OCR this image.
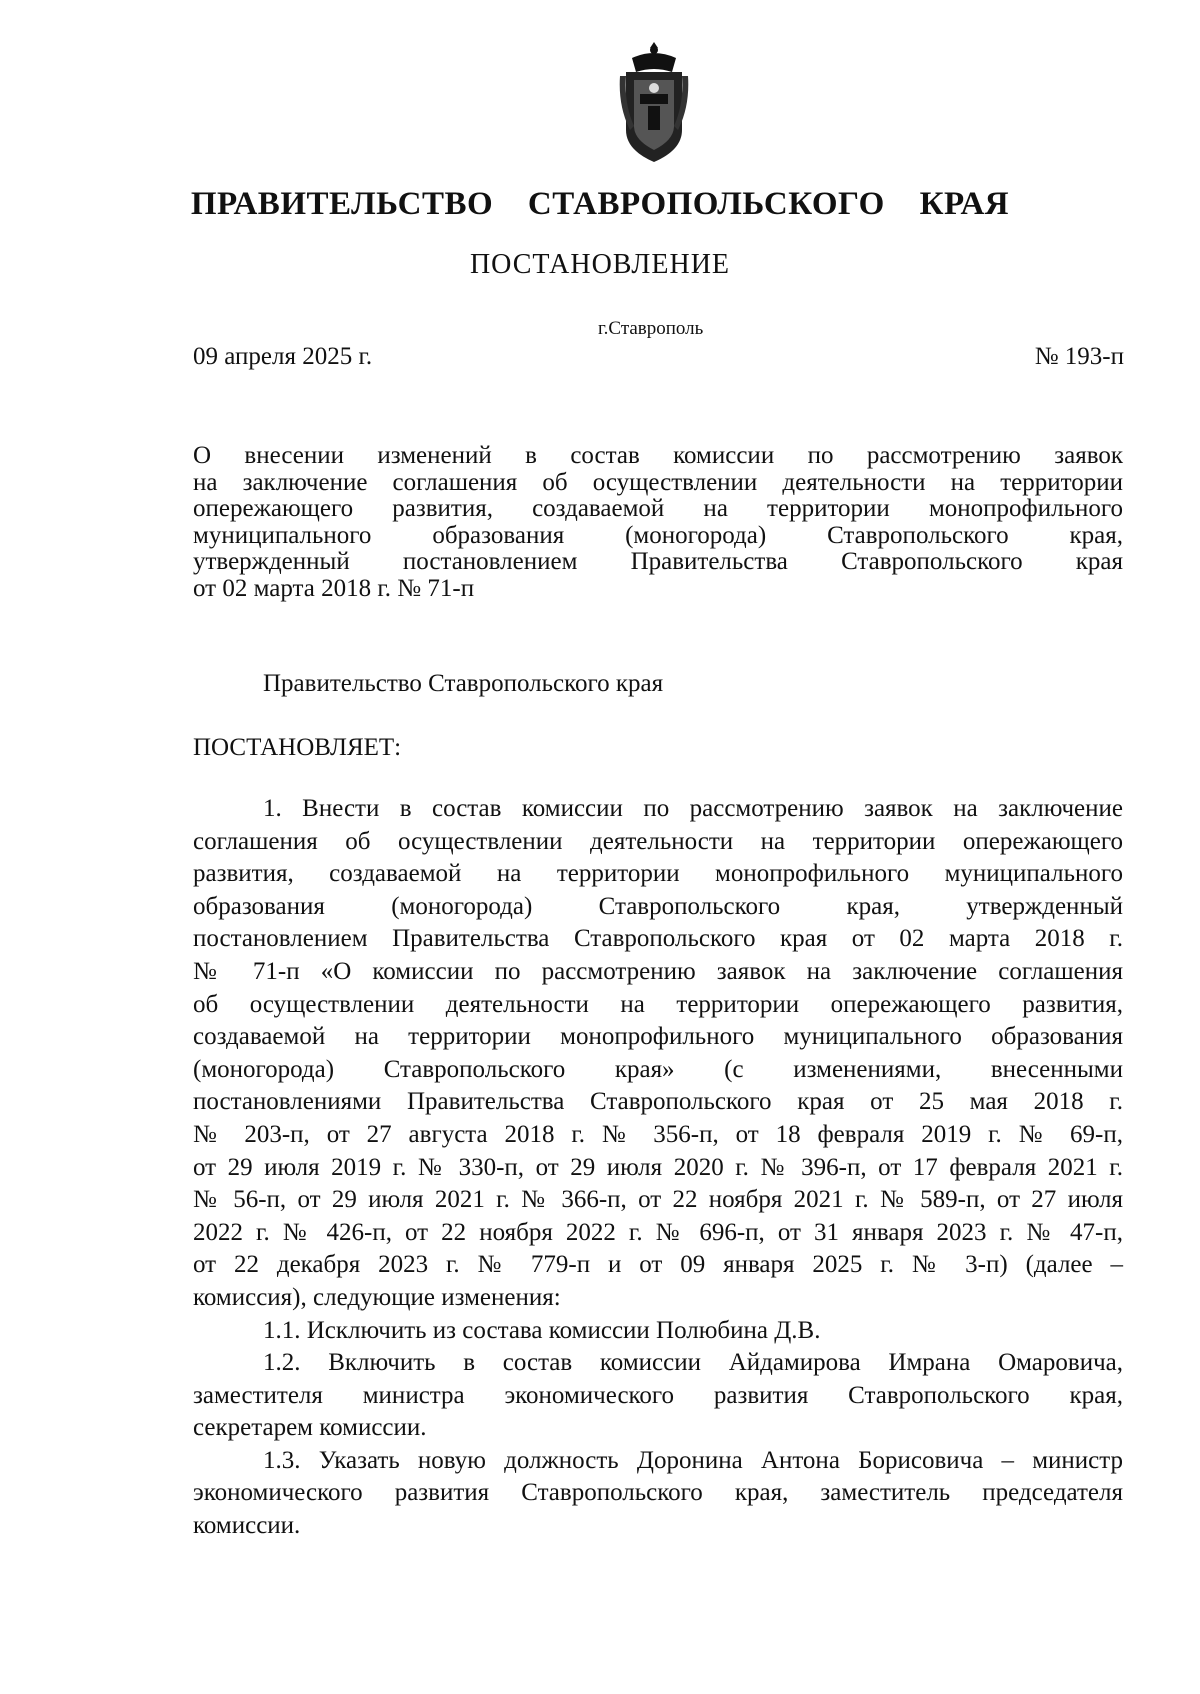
ПРАВИТЕЛЬСТВО СТАВРОПОЛЬСКОГО КРАЯ
ПОСТАНОВЛЕНИЕ
г.Ставрополь
09 апреля 2025 г.	№ 193-п
О внесении изменений в состав комиссии по рассмотрению заявок
на заключение соглашения об осуществлении деятельности на территории
опережающего развития, создаваемой на территории монопрофильного
муниципального образования (моногорода) Ставропольского края,
утвержденный постановлением Правительства Ставропольского края
от 02 марта 2018 г. № 71-п
Правительство Ставропольского края
ПОСТАНОВЛЯЕТ:
1. Внести в состав комиссии по рассмотрению заявок на заключение
соглашения об осуществлении деятельности на территории опережающего
развития, создаваемой на территории монопрофильного муниципального
образования (моногорода) Ставропольского края, утвержденный
постановлением Правительства Ставропольского края от 02 марта 2018 г.
№ 71-п «О комиссии по рассмотрению заявок на заключение соглашения
об осуществлении деятельности на территории опережающего развития,
создаваемой на территории монопрофильного муниципального образования
(моногорода) Ставропольского края» (с изменениями, внесенными
постановлениями Правительства Ставропольского края от 25 мая 2018 г.
№ 203-п, от 27 августа 2018 г. № 356-п, от 18 февраля 2019 г. № 69-п,
от 29 июля 2019 г. № 330-п, от 29 июля 2020 г. № 396-п, от 17 февраля 2021 г.
№ 56-п, от 29 июля 2021 г. № 366-п, от 22 ноября 2021 г. № 589-п, от 27 июля
2022 г. № 426-п, от 22 ноября 2022 г. № 696-п, от 31 января 2023 г. № 47-п,
от 22 декабря 2023 г. № 779-п и от 09 января 2025 г. № 3-п) (далее –
комиссия), следующие изменения:
1.1. Исключить из состава комиссии Полюбина Д.В.
1.2. Включить в состав комиссии Айдамирова Имрана Омаровича,
заместителя министра экономического развития Ставропольского края,
секретарем комиссии.
1.3. Указать новую должность Доронина Антона Борисовича – министр
экономического развития Ставропольского края, заместитель председателя
комиссии.
